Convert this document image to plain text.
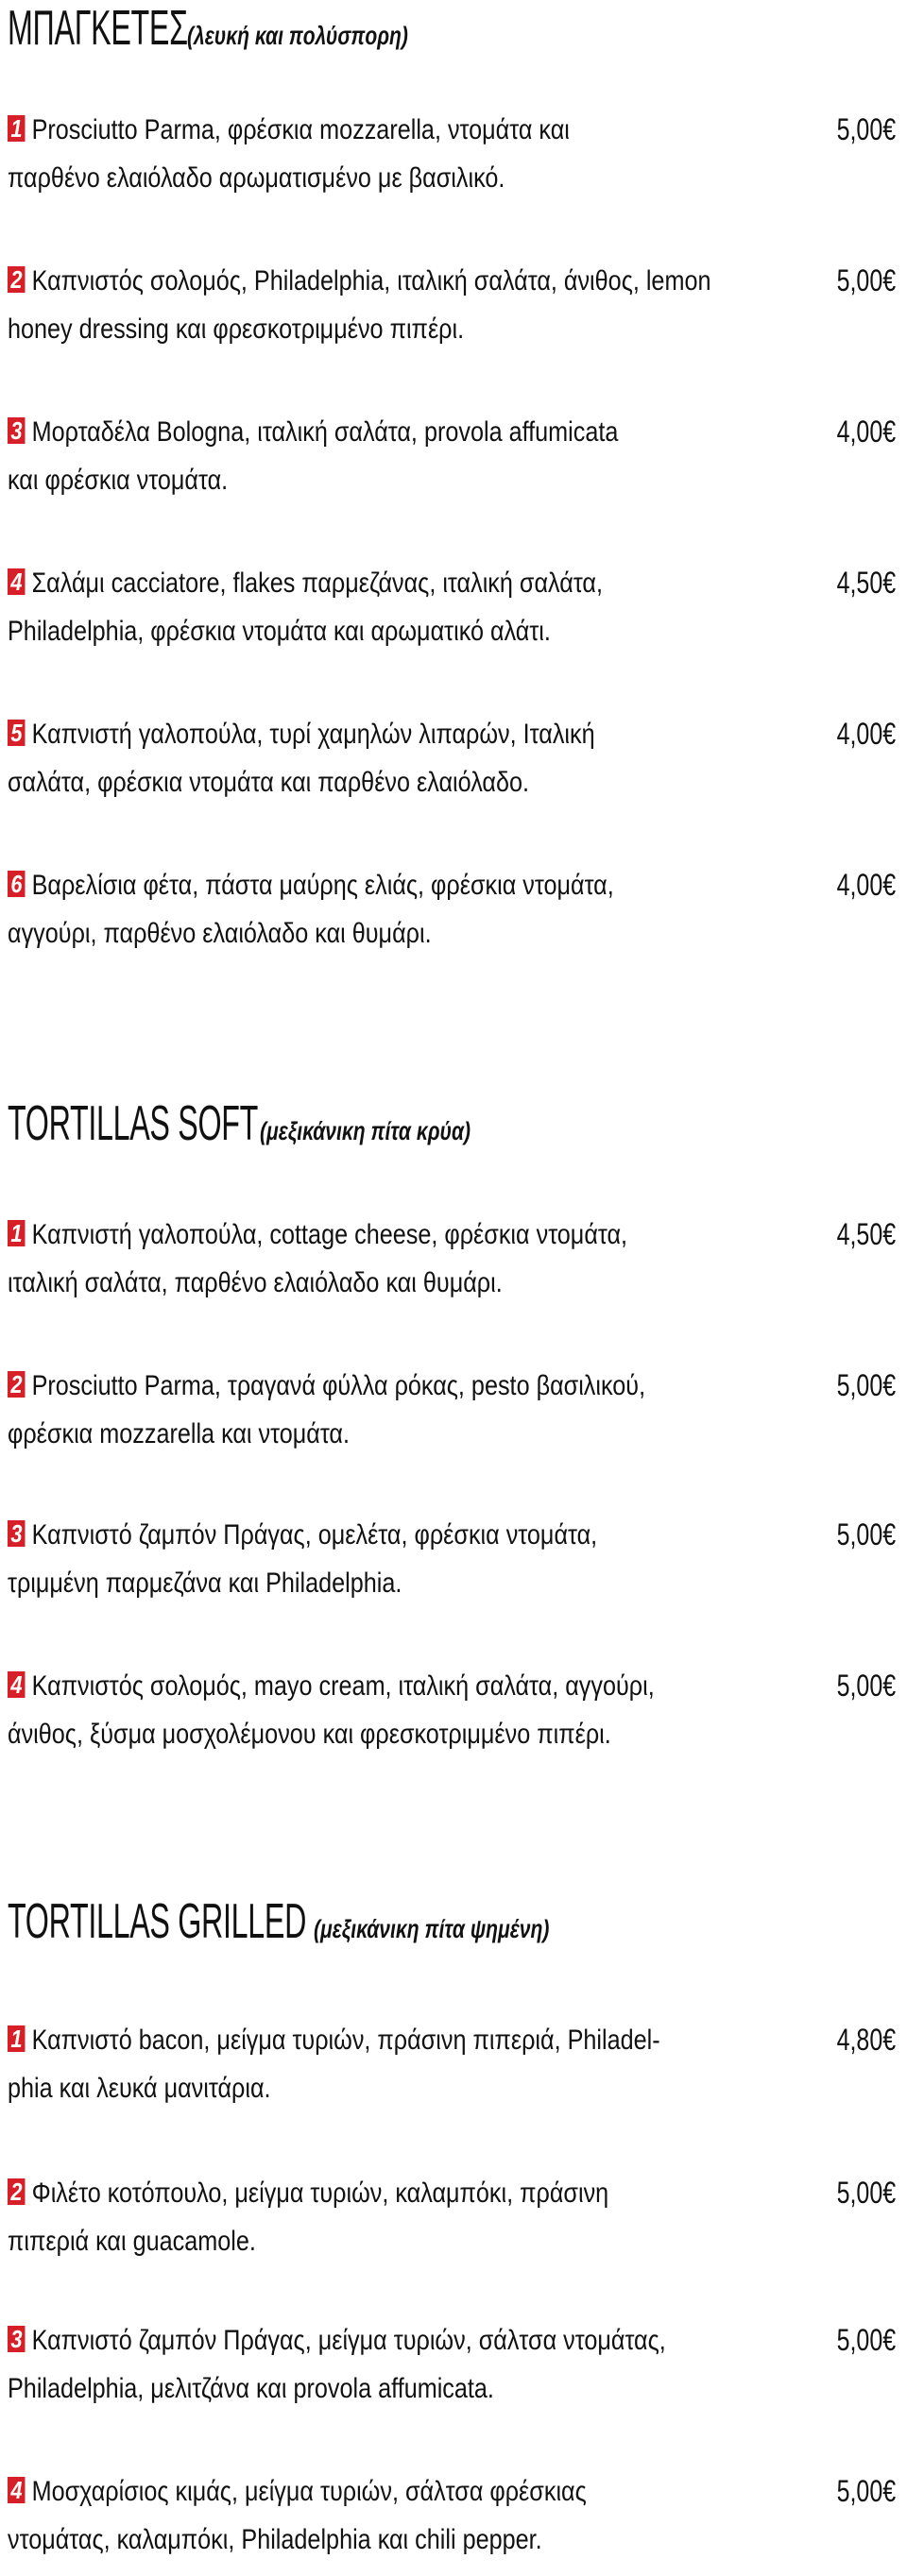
ΜΠΑΓΚΕΤΕΣ
(λευκή και πολύσπορη)
1 Prosciutto Parma, φρέσκια mozzarella, ντομάτα και
παρθένο ελαιόλαδο αρωματισμένο με βασιλικό.
5,00€
2 Καπνιστός σολομός, Philadelphia, ιταλική σαλάτα, άνιθος, lemon
honey dressing και φρεσκοτριμμένο πιπέρι.
5,00€
3 Μορταδέλα Bologna, ιταλική σαλάτα, provola affumicata
και φρέσκια ντομάτα.
4,00€
4 Σαλάμι cacciatore, flakes παρμεζάνας, ιταλική σαλάτα,
Philadelphia, φρέσκια ντομάτα και αρωματικό αλάτι.
4,50€
5 Καπνιστή γαλοπούλα, τυρί χαμηλών λιπαρών, Ιταλική
σαλάτα, φρέσκια ντομάτα και παρθένο ελαιόλαδο.
4,00€
6 Βαρελίσια φέτα, πάστα μαύρης ελιάς, φρέσκια ντομάτα,
αγγούρι, παρθένο ελαιόλαδο και θυμάρι.
4,00€
TORTILLAS SOFT (μεξικάνικη πίτα κρύα)
1 Καπνιστή γαλοπούλα, cottage cheese, φρέσκια ντομάτα,
ιταλική σαλάτα, παρθένο ελαιόλαδο και θυμάρι.
4,50€
2 Prosciutto Parma, τραγανά φύλλα ρόκας, pesto βασιλικού,
φρέσκια mozzarella και ντομάτα.
5,00€
3 Καπνιστό ζαμπόν Πράγας, ομελέτα, φρέσκια ντομάτα,
τριμμένη παρμεζάνα και Philadelphia.
5,00€
4 Καπνιστός σολομός, mayo cream, ιταλική σαλάτα, αγγούρι,
άνιθος, ξύσμα μοσχολέμονου και φρεσκοτριμμένο πιπέρι.
5,00€
TORTILLAS GRILLED (μεξικάνικη πίτα ψημένη)
1 Καπνιστό bacon, μείγμα τυριών, πράσινη πιπεριά, Philadel-
phia και λευκά μανιτάρια.
4,80€
2 Φιλέτο κοτόπουλο, μείγμα τυριών, καλαμπόκι, πράσινη
πιπεριά και guacamole.
5,00€
3 Καπνιστό ζαμπόν Πράγας, μείγμα τυριών, σάλτσα ντομάτας,
Philadelphia, μελιτζάνα και provola affumicata.
5,00€
4 Μοσχαρίσιος κιμάς, μείγμα τυριών, σάλτσα φρέσκιας
ντομάτας, καλαμπόκι, Philadelphia και chili pepper.
5,00€
